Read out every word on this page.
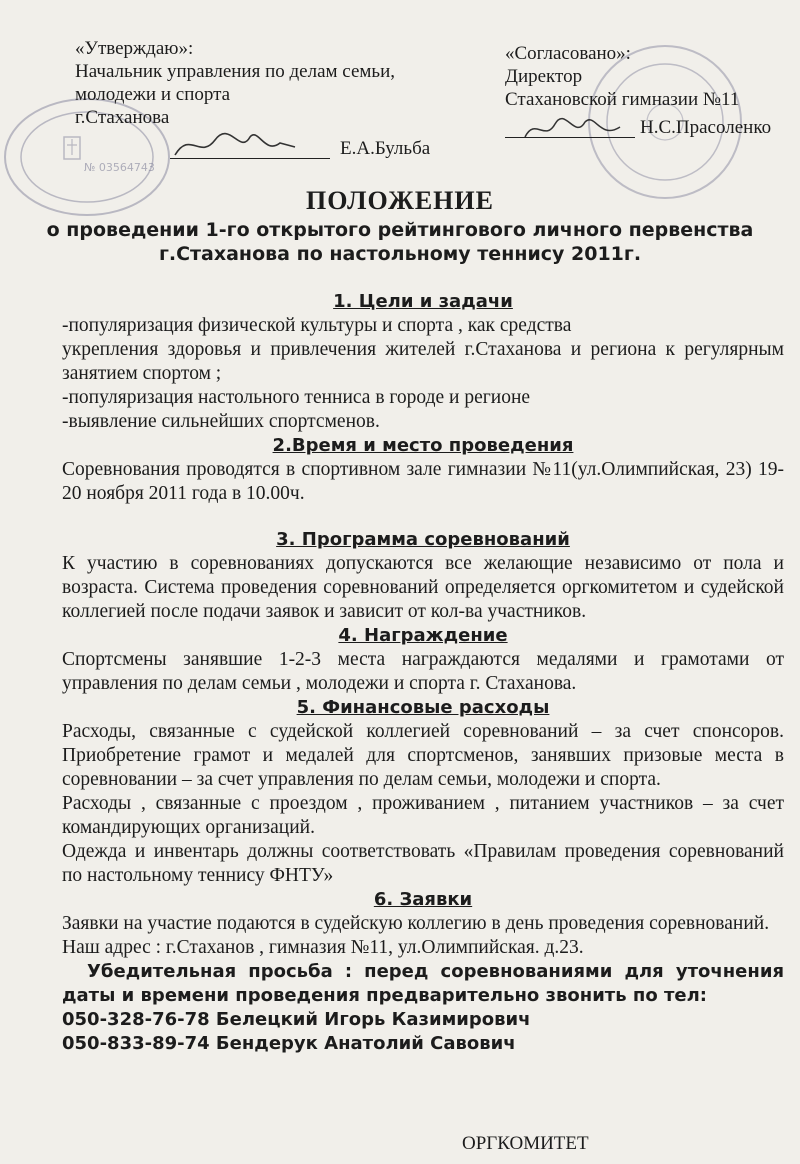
№ 03564743
«Утверждаю»:
Начальник управления по делам семьи,
молодежи и спорта
г.Стаханова
Е.А.Бульба
«Согласовано»:
Директор
Стахановской гимназии №11
Н.С.Прасоленко
ПОЛОЖЕНИЕ
о проведении 1-го открытого рейтингового личного первенства
г.Стаханова по настольному теннису 2011г.
1. Цели и задачи

-популяризация физической культуры и спорта , как средства

укрепления здоровья и привлечения жителей г.Стаханова и региона к регулярным занятием спортом ;

-популяризация настольного тенниса в городе и регионе

-выявление сильнейших спортсменов.

2.Время и место проведения

Соревнования проводятся в спортивном зале гимназии №11(ул.Олимпийская, 23) 19-20 ноября 2011 года в 10.00ч.

3. Программа соревнований

К участию в соревнованиях допускаются все желающие независимо от пола и возраста. Система проведения соревнований определяется оргкомитетом и судейской коллегией после подачи заявок и зависит от кол-ва участников.

4. Награждение

Спортсмены занявшие 1-2-3 места награждаются медалями и грамотами от управления по делам семьи , молодежи и спорта г. Стаханова.

5. Финансовые расходы

Расходы, связанные с судейской коллегией соревнований – за счет спонсоров. Приобретение грамот и медалей для спортсменов, занявших призовые места в соревновании – за счет управления по делам семьи, молодежи и спорта.

Расходы , связанные с проездом , проживанием , питанием участников – за счет командирующих организаций.

Одежда и инвентарь должны соответствовать «Правилам проведения соревнований по настольному теннису ФНТУ»

6. Заявки

Заявки на участие подаются в судейскую коллегию в день проведения соревнований.

Наш адрес : г.Стаханов , гимназия №11, ул.Олимпийская. д.23.

Убедительная просьба : перед соревнованиями для уточнения даты и времени проведения предварительно звонить по тел:

050-328-76-78 Белецкий Игорь Казимирович

050-833-89-74 Бендерук Анатолий Савович

ОРГКОМИТЕТ
